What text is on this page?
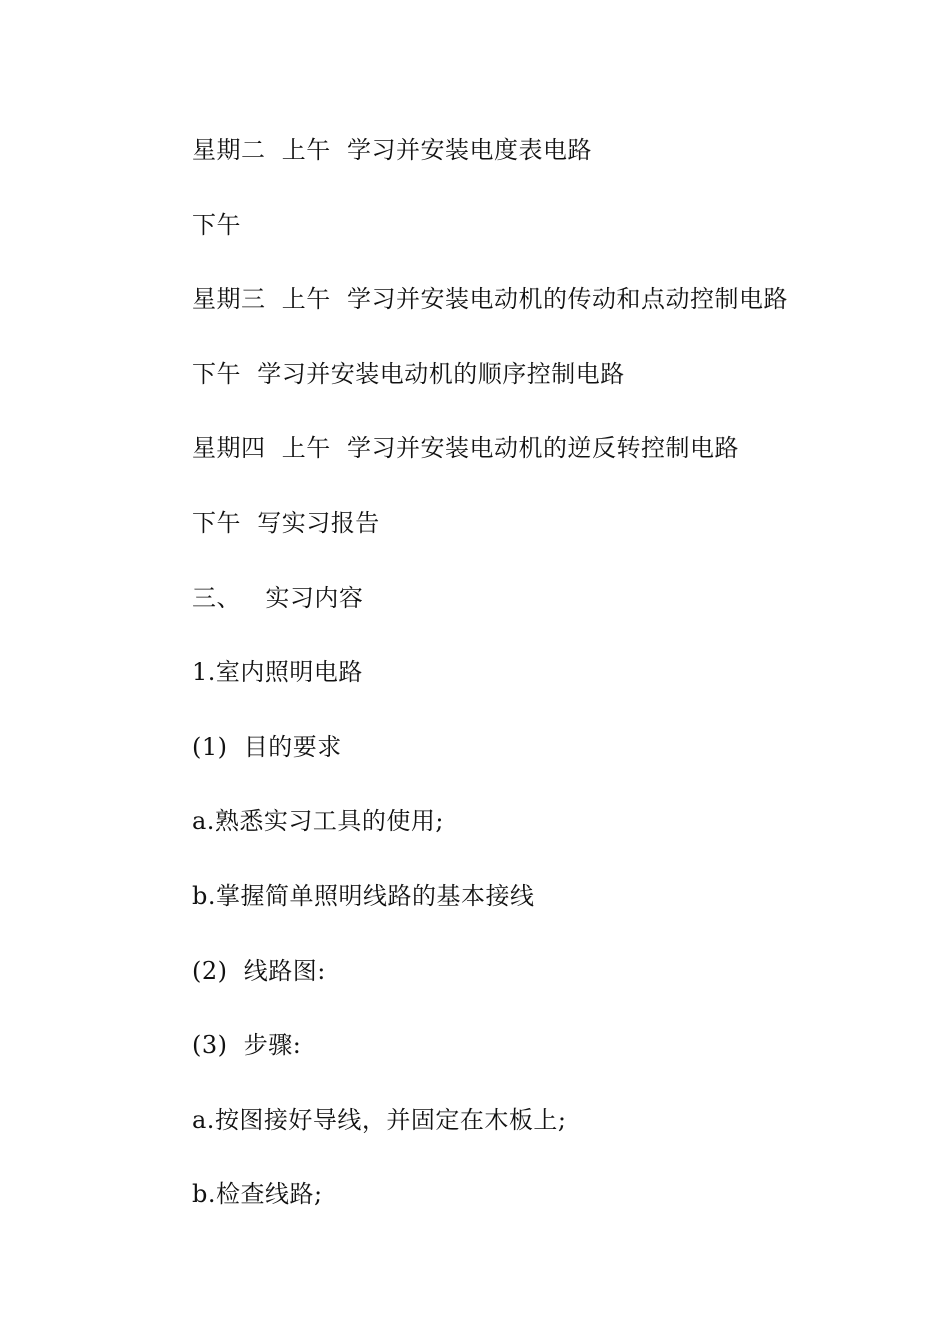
星期二  上午  学习并安装电度表电路
下午
星期三  上午  学习并安装电动机的传动和点动控制电路
下午  学习并安装电动机的顺序控制电路
星期四  上午  学习并安装电动机的逆反转控制电路
下午  写实习报告
三、   实习内容
1.室内照明电路
(1)  目的要求
a.熟悉实习工具的使用;
b.掌握简单照明线路的基本接线
(2)  线路图:
(3)  步骤:
a.按图接好导线，并固定在木板上;
b.检查线路;
